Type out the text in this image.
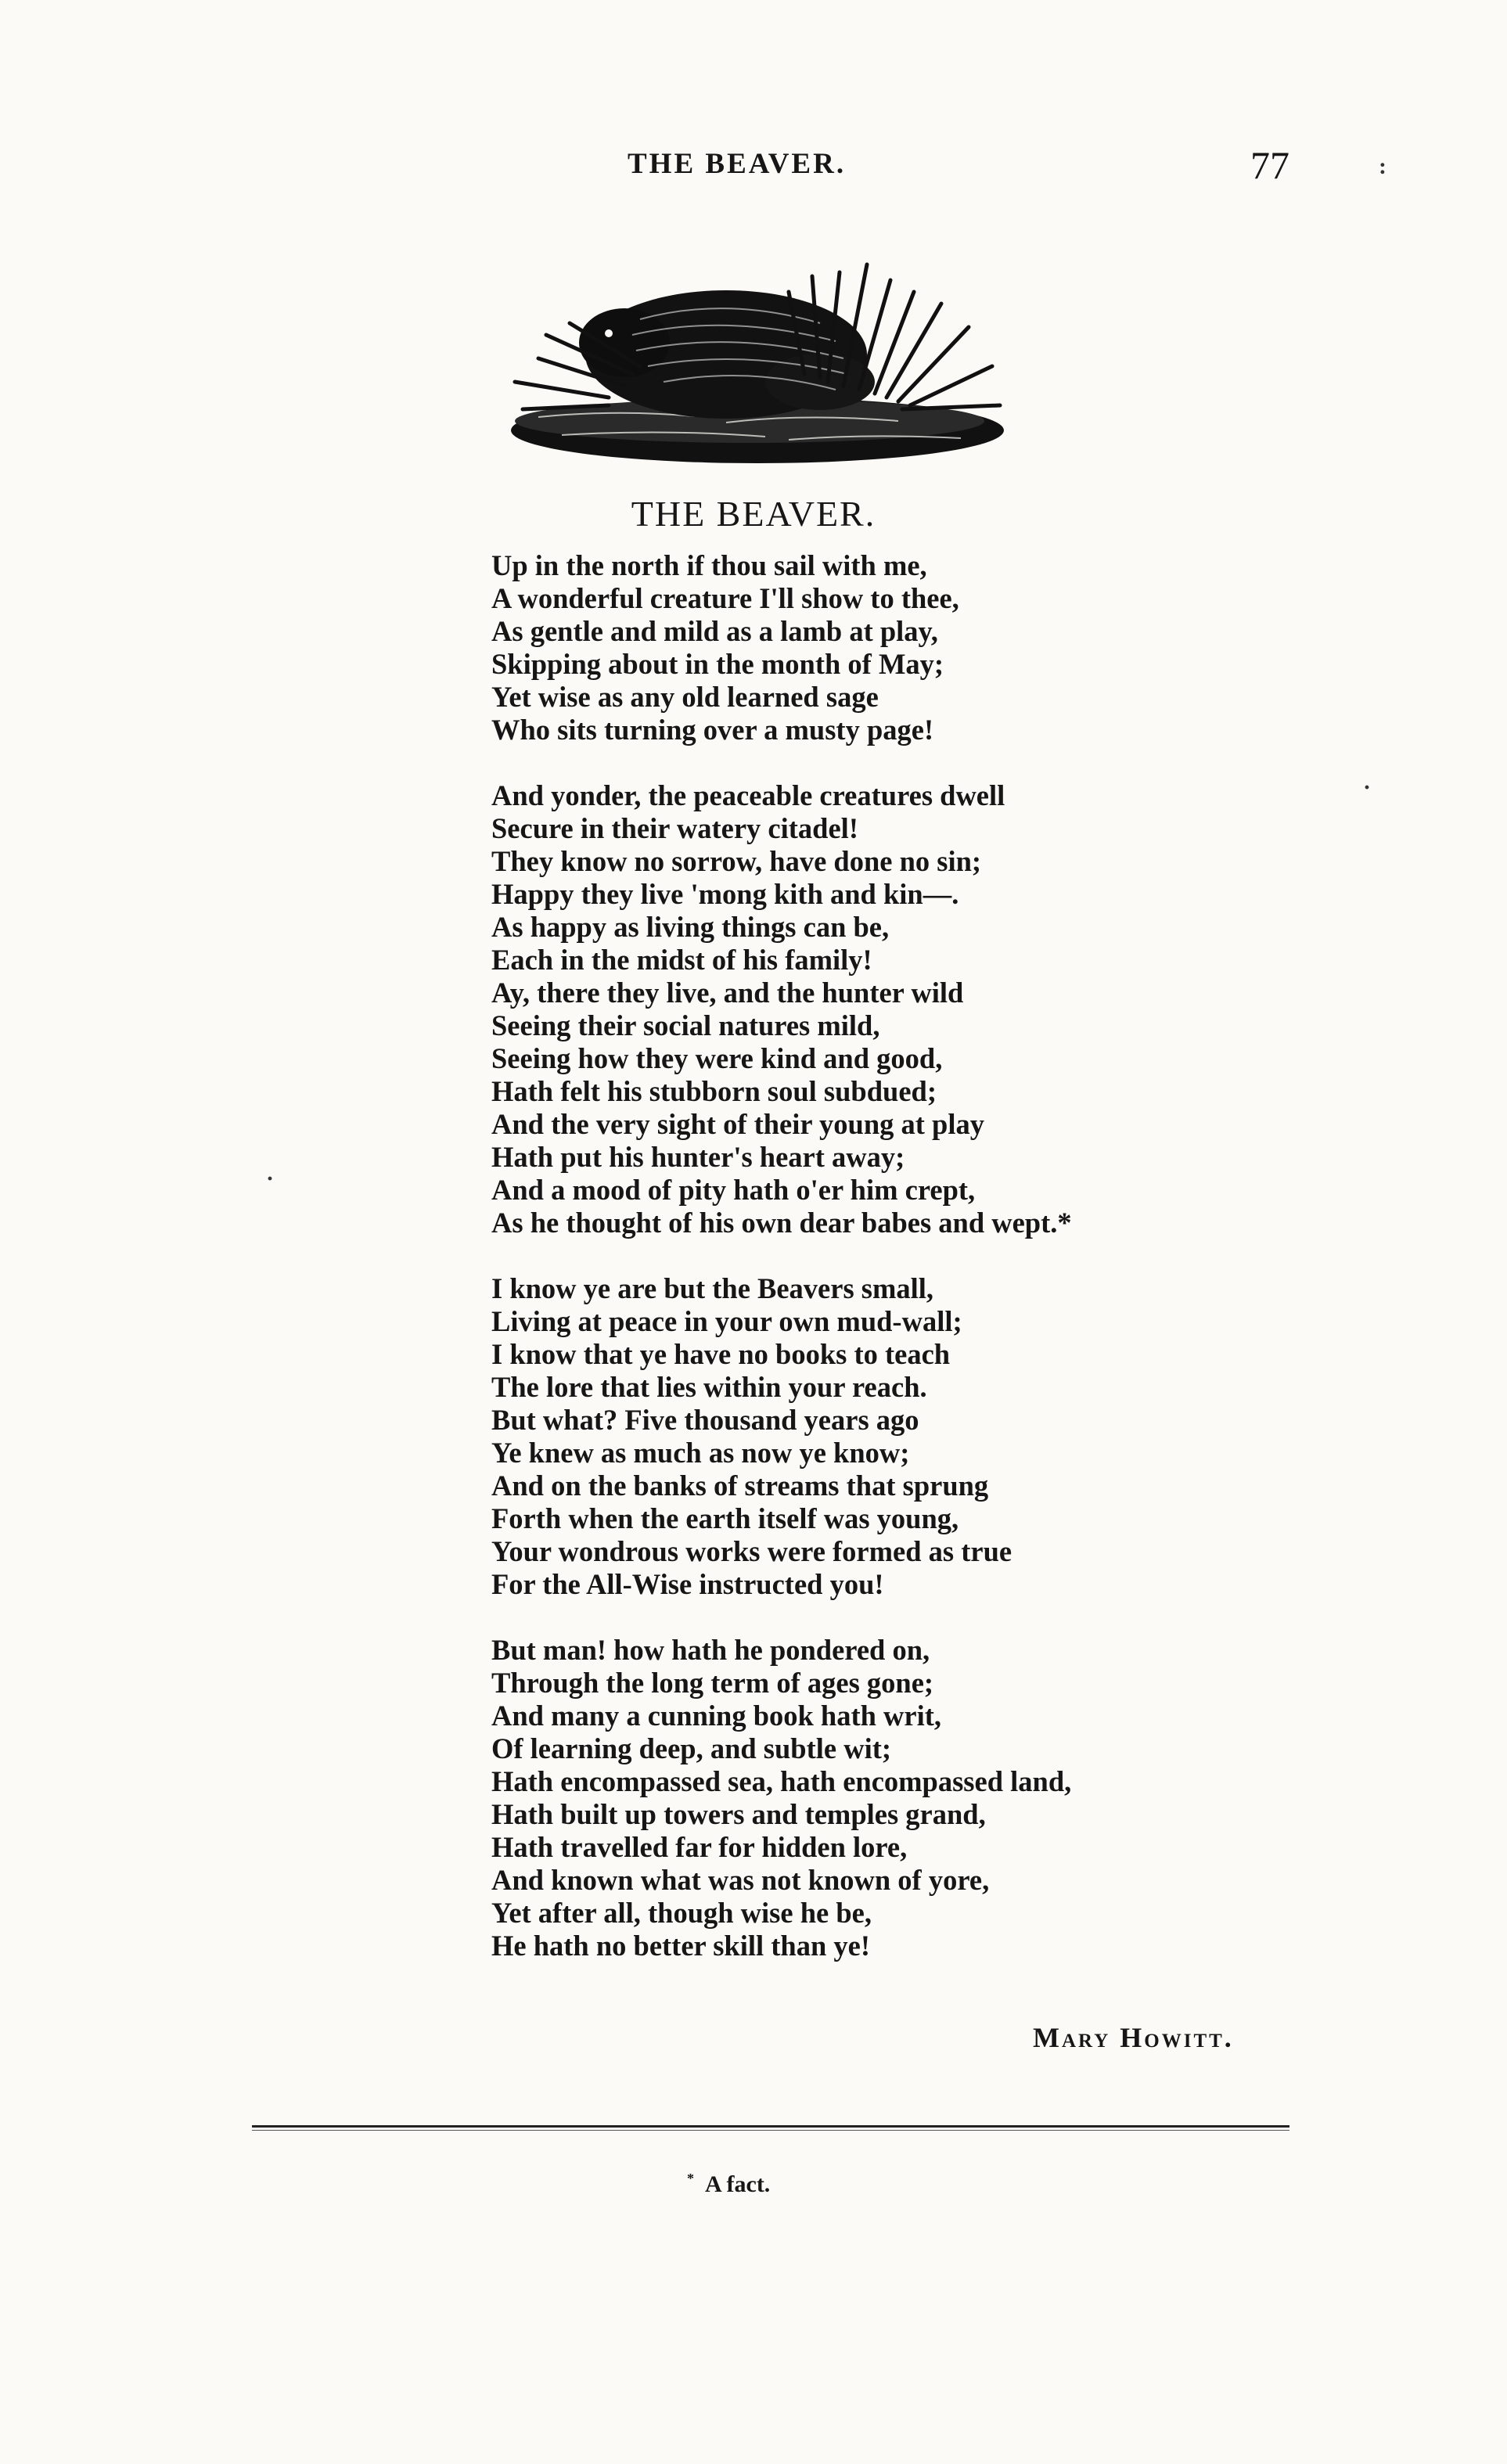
THE BEAVER.	77	:
·
·
THE BEAVER.
Up in the north if thou sail with me,
A wonderful creature I'll show to thee,
As gentle and mild as a lamb at play,
Skipping about in the month of May;
Yet wise as any old learned sage
Who sits turning over a musty page!
And yonder, the peaceable creatures dwell
Secure in their watery citadel!
They know no sorrow, have done no sin;
Happy they live 'mong kith and kin—.
As happy as living things can be,
Each in the midst of his family!
Ay, there they live, and the hunter wild
Seeing their social natures mild,
Seeing how they were kind and good,
Hath felt his stubborn soul subdued;
And the very sight of their young at play
Hath put his hunter's heart away;
And a mood of pity hath o'er him crept,
As he thought of his own dear babes and wept.*
I know ye are but the Beavers small,
Living at peace in your own mud-wall;
I know that ye have no books to teach
The lore that lies within your reach.
But what? Five thousand years ago
Ye knew as much as now ye know;
And on the banks of streams that sprung
Forth when the earth itself was young,
Your wondrous works were formed as true
For the All-Wise instructed you!
But man! how hath he pondered on,
Through the long term of ages gone;
And many a cunning book hath writ,
Of learning deep, and subtle wit;
Hath encompassed sea, hath encompassed land,
Hath built up towers and temples grand,
Hath travelled far for hidden lore,
And known what was not known of yore,
Yet after all, though wise he be,
He hath no better skill than ye!
Mary Howitt.
* A fact.
